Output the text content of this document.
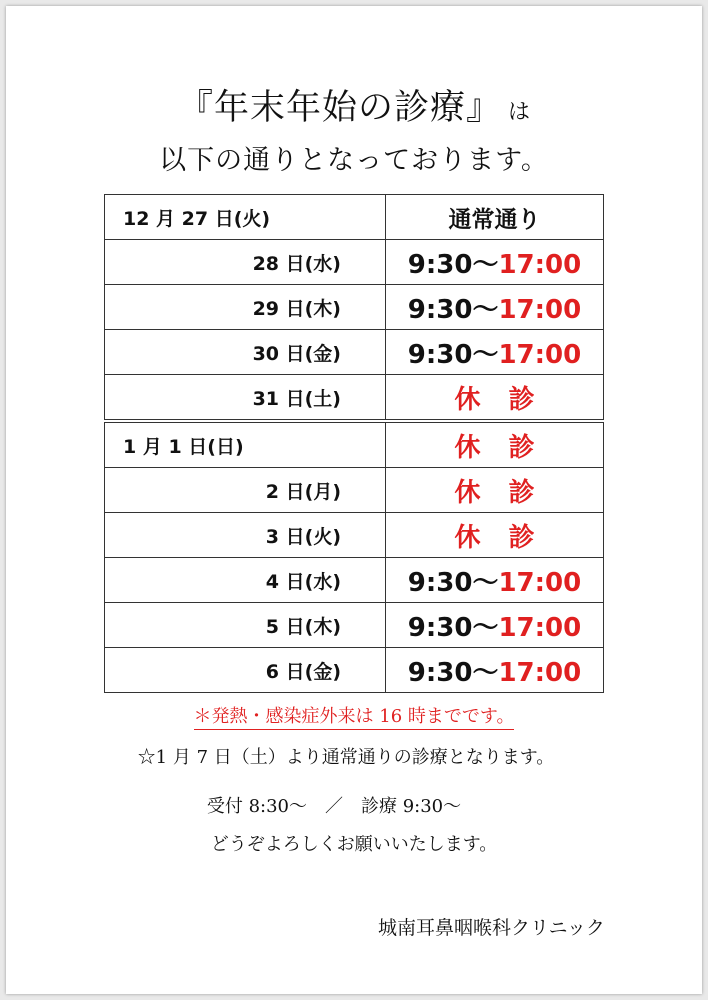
『年末年始の診療』 は
以下の通りとなっております。
12 月 27 日(火)	通常通り
28 日(水)	9:30〜17:00
29 日(木)	9:30〜17:00
30 日(金)	9:30〜17:00
31 日(土)	休診
1 月 1 日(日)	休診
2 日(月)	休診
3 日(火)	休診
4 日(水)	9:30〜17:00
5 日(木)	9:30〜17:00
6 日(金)	9:30〜17:00
＊発熱・感染症外来は 16 時までです。
☆1 月 7 日（土）より通常通りの診療となります。
受付 8:30〜　／　診療 9:30〜
どうぞよろしくお願いいたします。
城南耳鼻咽喉科クリニック
